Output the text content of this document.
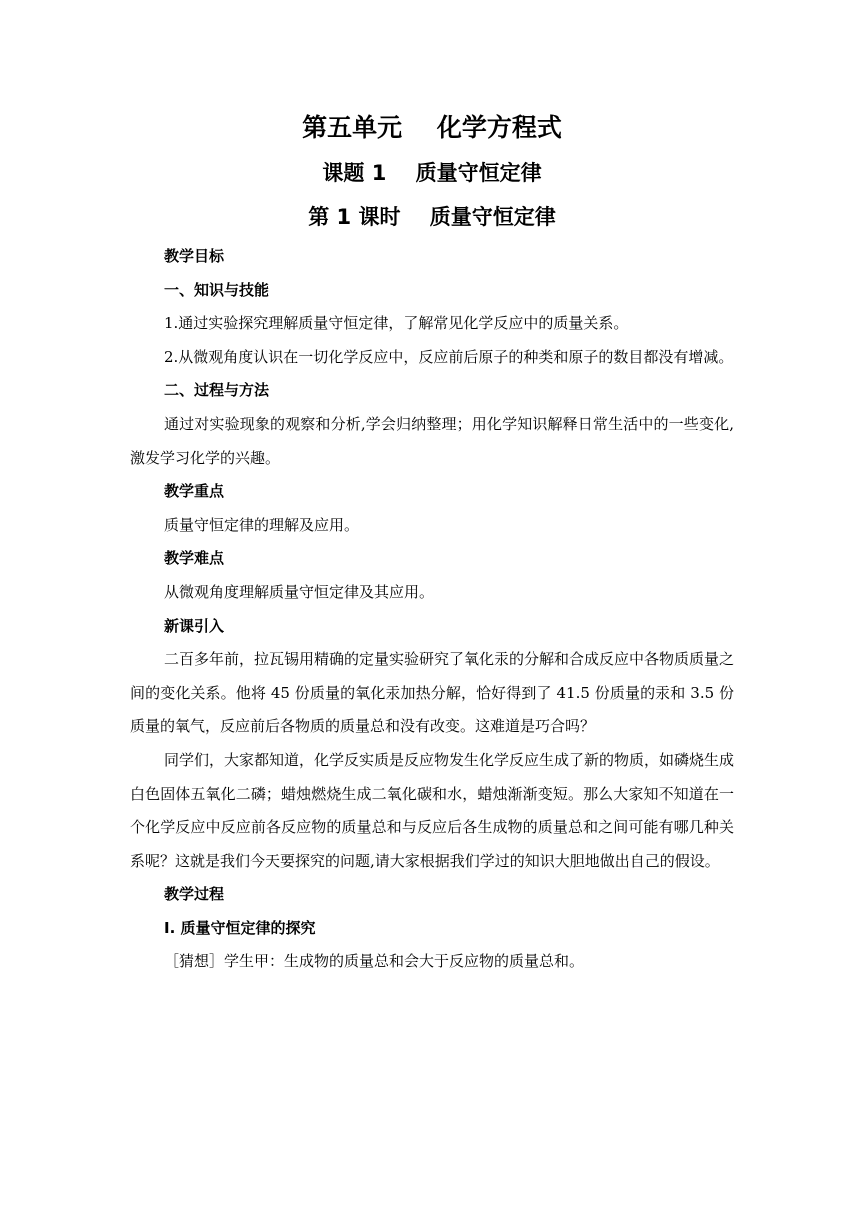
第五单元    化学方程式
课题 1    质量守恒定律
第 1 课时    质量守恒定律

教学目标

一、知识与技能

1.通过实验探究理解质量守恒定律，了解常见化学反应中的质量关系。

2.从微观角度认识在一切化学反应中，反应前后原子的种类和原子的数目都没有增减。

二、过程与方法

通过对实验现象的观察和分析,学会归纳整理；用化学知识解释日常生活中的一些变化,激发学习化学的兴趣。

教学重点

质量守恒定律的理解及应用。

教学难点

从微观角度理解质量守恒定律及其应用。

新课引入

二百多年前，拉瓦锡用精确的定量实验研究了氧化汞的分解和合成反应中各物质质量之间的变化关系。他将 45 份质量的氧化汞加热分解，恰好得到了 41.5 份质量的汞和 3.5 份质量的氧气，反应前后各物质的质量总和没有改变。这难道是巧合吗？

同学们，大家都知道，化学反实质是反应物发生化学反应生成了新的物质，如磷烧生成白色固体五氧化二磷；蜡烛燃烧生成二氧化碳和水，蜡烛渐渐变短。那么大家知不知道在一个化学反应中反应前各反应物的质量总和与反应后各生成物的质量总和之间可能有哪几种关系呢？这就是我们今天要探究的问题,请大家根据我们学过的知识大胆地做出自己的假设。

教学过程

Ⅰ. 质量守恒定律的探究

［猜想］学生甲：生成物的质量总和会大于反应物的质量总和。
